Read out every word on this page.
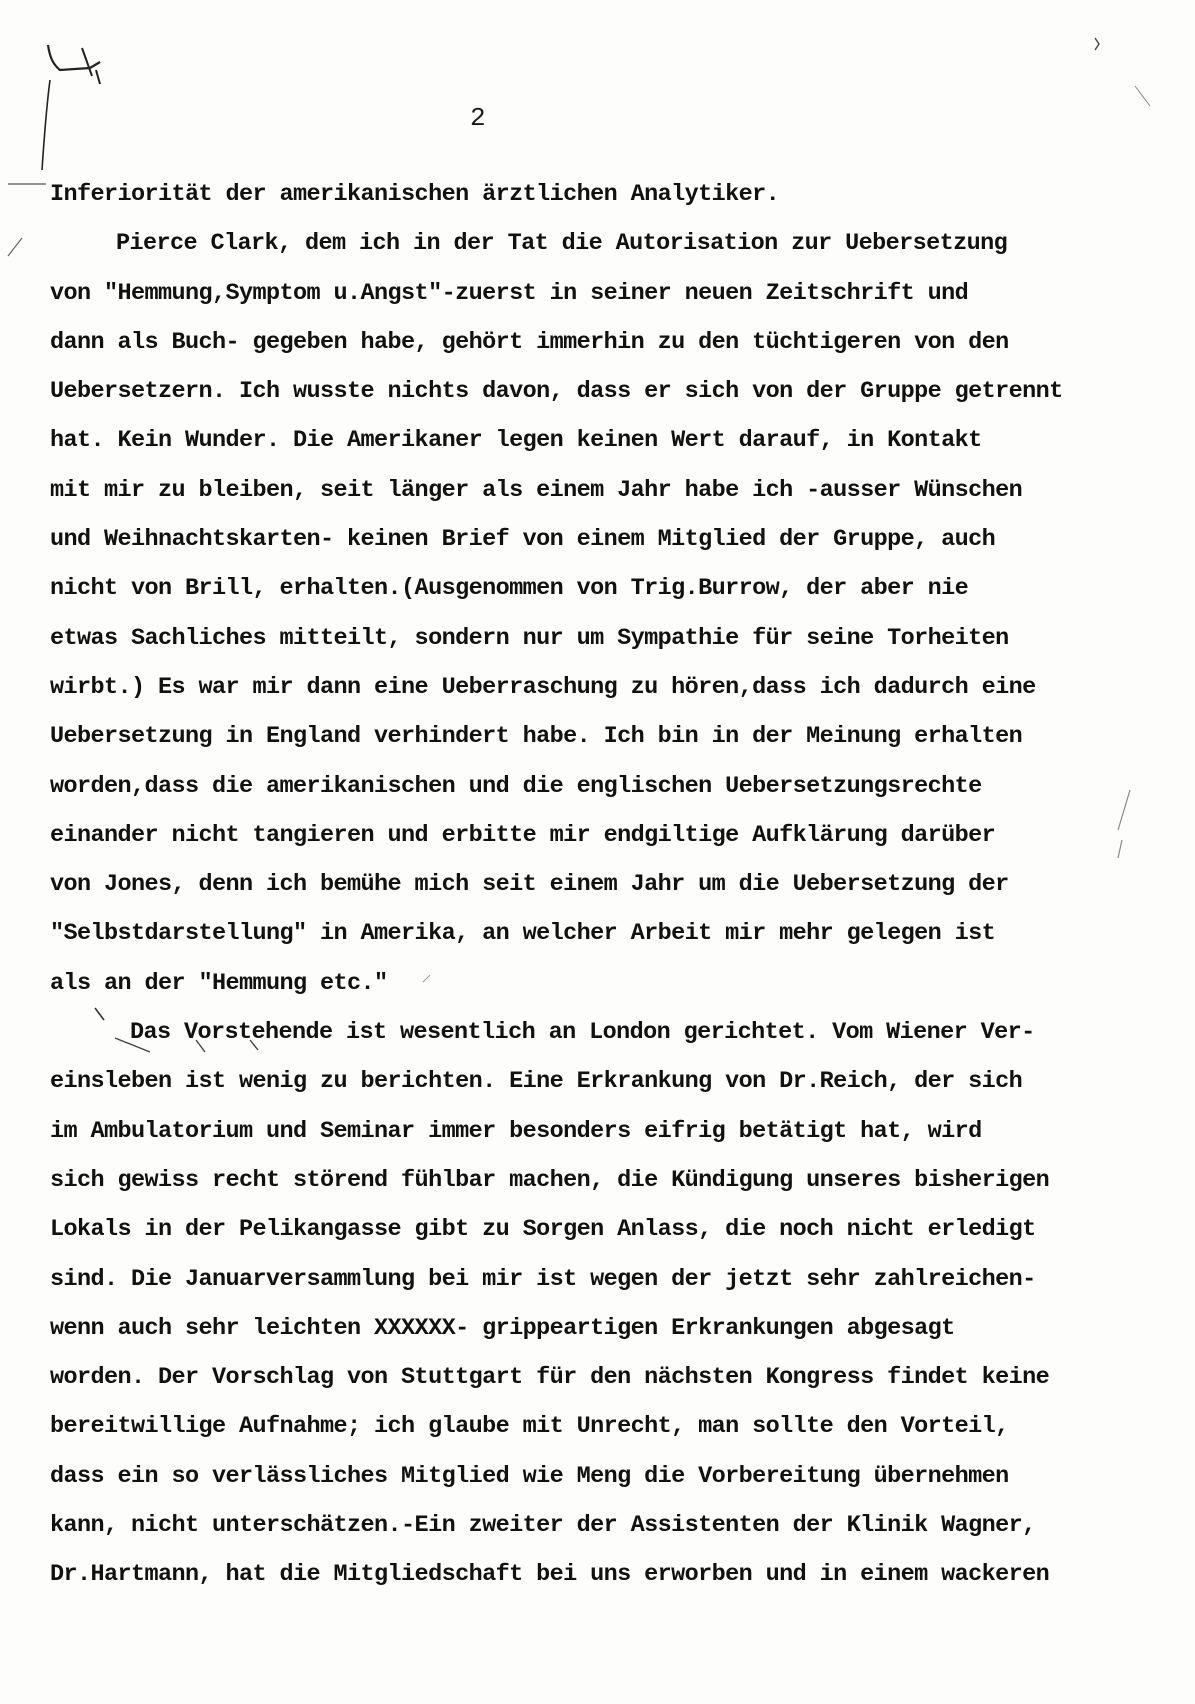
2
Inferiorität der amerikanischen ärztlichen Analytiker.
Pierce Clark, dem ich in der Tat die Autorisation zur Uebersetzung
von "Hemmung,Symptom u.Angst"-zuerst in seiner neuen Zeitschrift und
dann als Buch- gegeben habe, gehört immerhin zu den tüchtigeren von den
Uebersetzern. Ich wusste nichts davon, dass er sich von der Gruppe getrennt
hat. Kein Wunder. Die Amerikaner legen keinen Wert darauf, in Kontakt
mit mir zu bleiben, seit länger als einem Jahr habe ich -ausser Wünschen
und Weihnachtskarten- keinen Brief von einem Mitglied der Gruppe, auch
nicht von Brill, erhalten.(Ausgenommen von Trig.Burrow, der aber nie
etwas Sachliches mitteilt, sondern nur um Sympathie für seine Torheiten
wirbt.) Es war mir dann eine Ueberraschung zu hören,dass ich dadurch eine
Uebersetzung in England verhindert habe. Ich bin in der Meinung erhalten
worden,dass die amerikanischen und die englischen Uebersetzungsrechte
einander nicht tangieren und erbitte mir endgiltige Aufklärung darüber
von Jones, denn ich bemühe mich seit einem Jahr um die Uebersetzung der
"Selbstdarstellung" in Amerika, an welcher Arbeit mir mehr gelegen ist
als an der "Hemmung etc."
Das Vorstehende ist wesentlich an London gerichtet. Vom Wiener Ver-
einsleben ist wenig zu berichten. Eine Erkrankung von Dr.Reich, der sich
im Ambulatorium und Seminar immer besonders eifrig betätigt hat, wird
sich gewiss recht störend fühlbar machen, die Kündigung unseres bisherigen
Lokals in der Pelikangasse gibt zu Sorgen Anlass, die noch nicht erledigt
sind. Die Januarversammlung bei mir ist wegen der jetzt sehr zahlreichen-
wenn auch sehr leichten XXXXXX- grippeartigen Erkrankungen abgesagt
worden. Der Vorschlag von Stuttgart für den nächsten Kongress findet keine
bereitwillige Aufnahme; ich glaube mit Unrecht, man sollte den Vorteil,
dass ein so verlässliches Mitglied wie Meng die Vorbereitung übernehmen
kann, nicht unterschätzen.-Ein zweiter der Assistenten der Klinik Wagner,
Dr.Hartmann, hat die Mitgliedschaft bei uns erworben und in einem wackeren
